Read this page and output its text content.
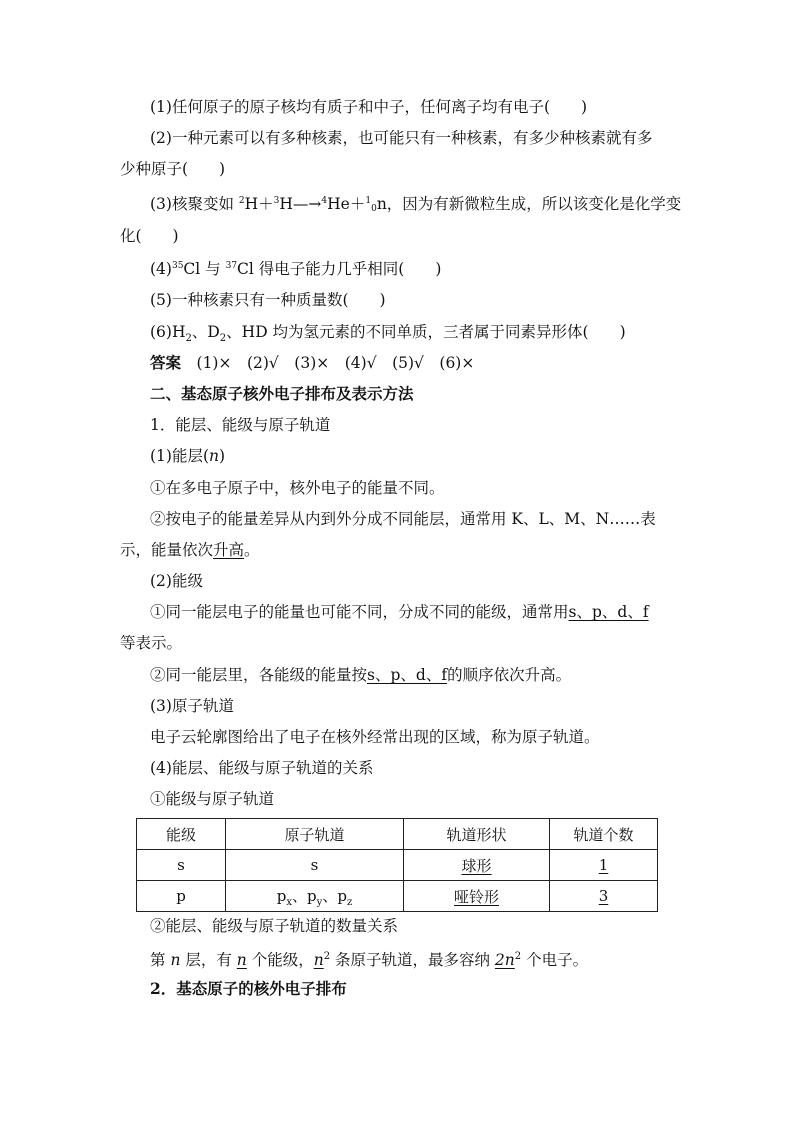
(1)任何原子的原子核均有质子和中子，任何离子均有电子(　　)
(2)一种元素可以有多种核素，也可能只有一种核素，有多少种核素就有多
少种原子(　　)
(3)核聚变如 $^2$H＋$^3$H—→$^4$He＋$^1$0n，因为有新微粒生成，所以该变化是化学变
化(　　)
$(4)^{35}Cl$ 与 $^{37}$Cl 得电子能力几乎相同(　　)
(5)一种核素只有一种质量数(　　)
$(6)H_2$、$D_2$、HD 均为氢元素的不同单质，三者属于同素异形体(　　)
答案　(1)×　(2)√　(3)×　(4)√　(5)√　(6)×
二、基态原子核外电子排布及表示方法
1．能层、能级与原子轨道
(1)能层(n)
①在多电子原子中，核外电子的能量不同。
②按电子的能量差异从内到外分成不同能层，通常用 K、L、M、N……表
示，能量依次升高。
(2)能级
①同一能层电子的能量也可能不同，分成不同的能级，通常用s、p、d、f
等表示。
②同一能层里，各能级的能量按s、p、d、f的顺序依次升高。
(3)原子轨道
电子云轮廓图给出了电子在核外经常出现的区域，称为原子轨道。
(4)能层、能级与原子轨道的关系
①能级与原子轨道
能级	原子轨道	轨道形状	轨道个数
s	s	球形	1
p	$p_x$、$p_y$、$p_z$	哑铃形	3
②能层、能级与原子轨道的数量关系
第 n 层，有 n 个能级，$n^2$ 条原子轨道，最多容纳 $2n^2$ 个电子。
2．基态原子的核外电子排布
